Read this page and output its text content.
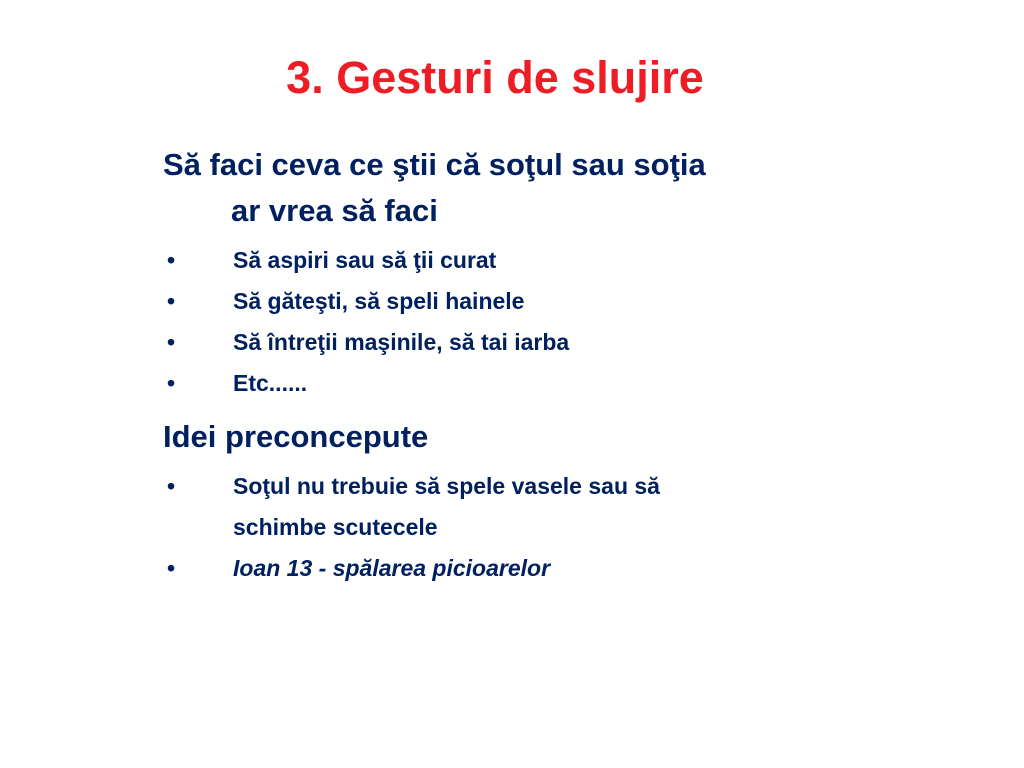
3. Gesturi de slujire

Să faci ceva ce ştii că soţul sau soţia
ar vrea să faci

•	Să aspiri sau să ţii curat
•	Să găteşti, să speli hainele
•	Să întreţii maşinile, să tai iarba
•	Etc......

Idei preconcepute

•	Soţul nu trebuie să spele vasele sau să
schimbe scutecele
•	Ioan 13 - spălarea picioarelor
